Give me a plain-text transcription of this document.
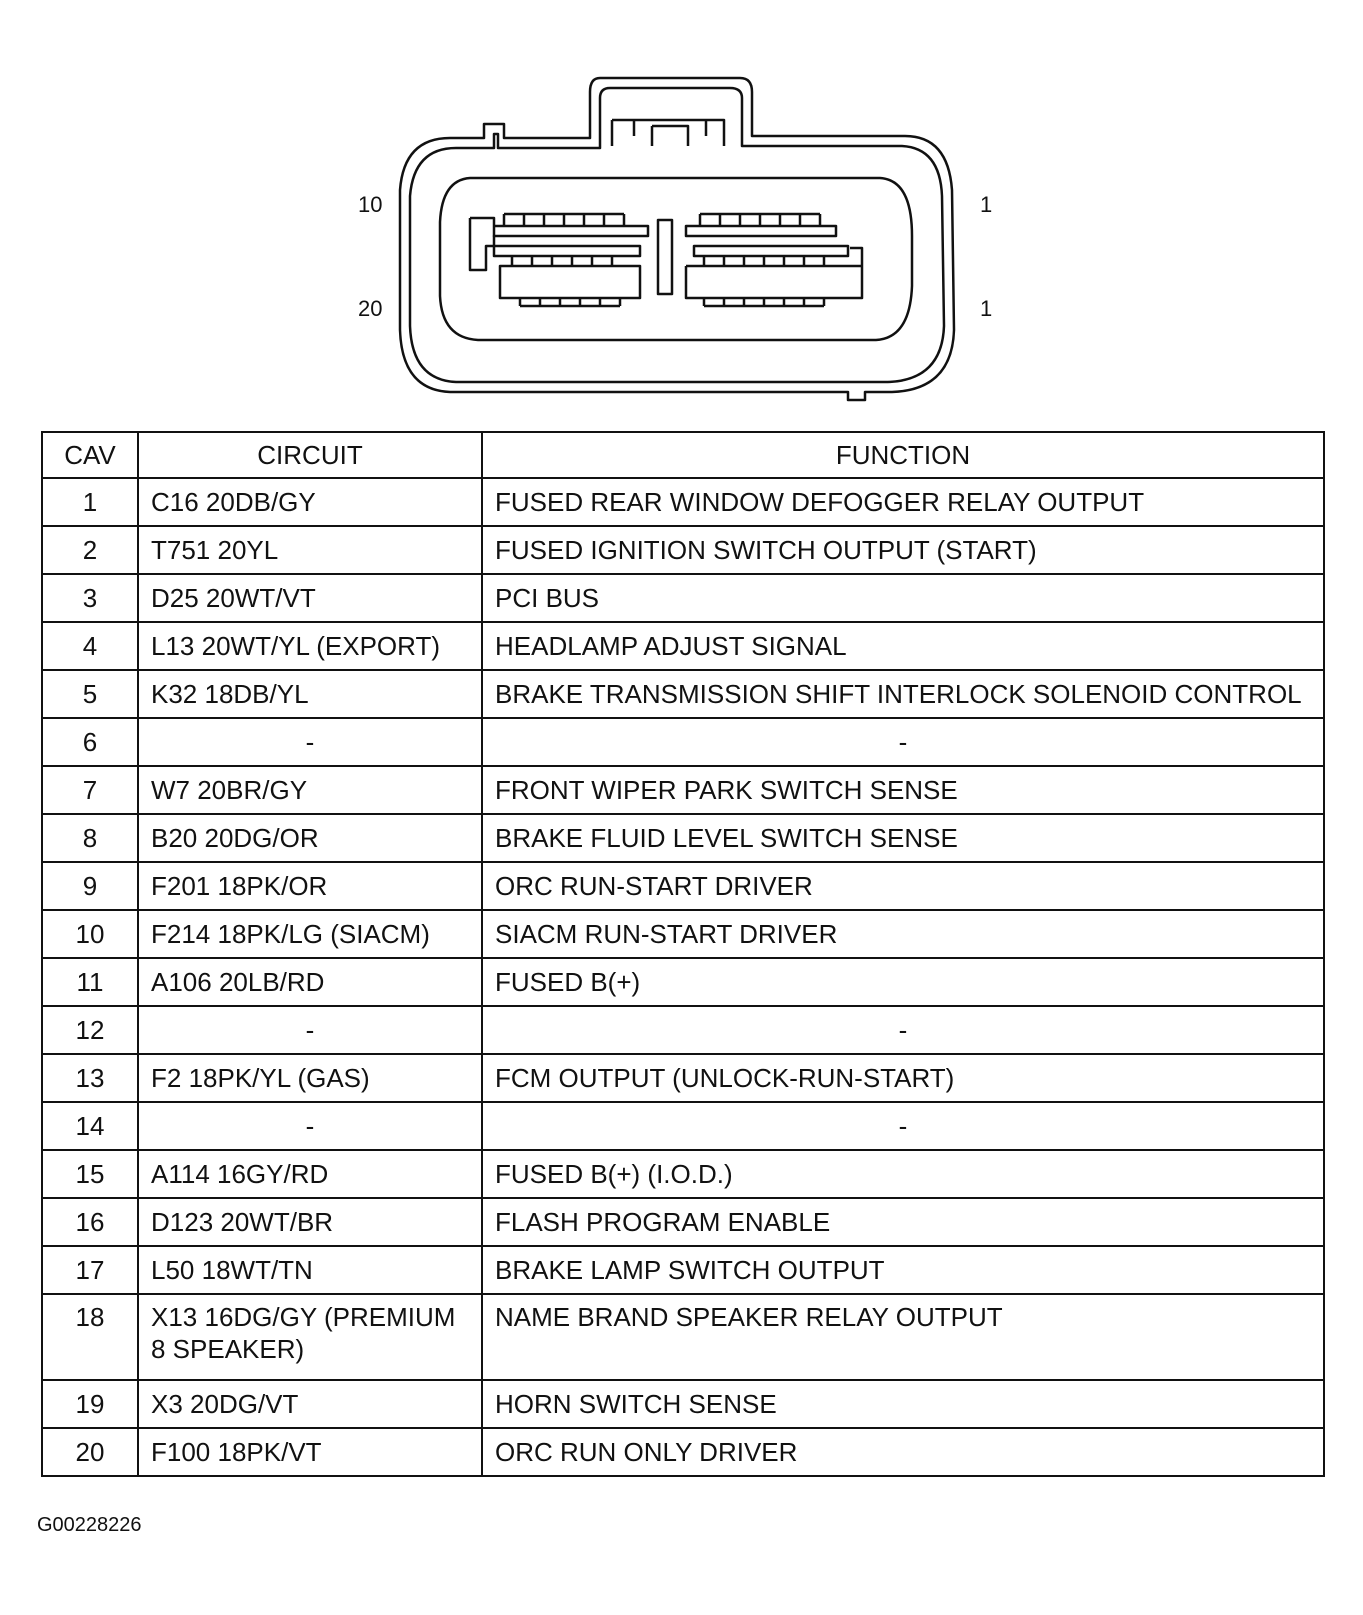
10
20
1
1
CAV	CIRCUIT	FUNCTION
1	C16 20DB/GY	FUSED REAR WINDOW DEFOGGER RELAY OUTPUT
2	T751 20YL	FUSED IGNITION SWITCH OUTPUT (START)
3	D25 20WT/VT	PCI BUS
4	L13 20WT/YL (EXPORT)	HEADLAMP ADJUST SIGNAL
5	K32 18DB/YL	BRAKE TRANSMISSION SHIFT INTERLOCK SOLENOID CONTROL
6	-	-
7	W7 20BR/GY	FRONT WIPER PARK SWITCH SENSE
8	B20 20DG/OR	BRAKE FLUID LEVEL SWITCH SENSE
9	F201 18PK/OR	ORC RUN-START DRIVER
10	F214 18PK/LG (SIACM)	SIACM RUN-START DRIVER
11	A106 20LB/RD	FUSED B(+)
12	-	-
13	F2 18PK/YL (GAS)	FCM OUTPUT (UNLOCK-RUN-START)
14	-	-
15	A114 16GY/RD	FUSED B(+) (I.O.D.)
16	D123 20WT/BR	FLASH PROGRAM ENABLE
17	L50 18WT/TN	BRAKE LAMP SWITCH OUTPUT
18	X13 16DG/GY (PREMIUM 8 SPEAKER)	NAME BRAND SPEAKER RELAY OUTPUT
19	X3 20DG/VT	HORN SWITCH SENSE
20	F100 18PK/VT	ORC RUN ONLY DRIVER
G00228226
